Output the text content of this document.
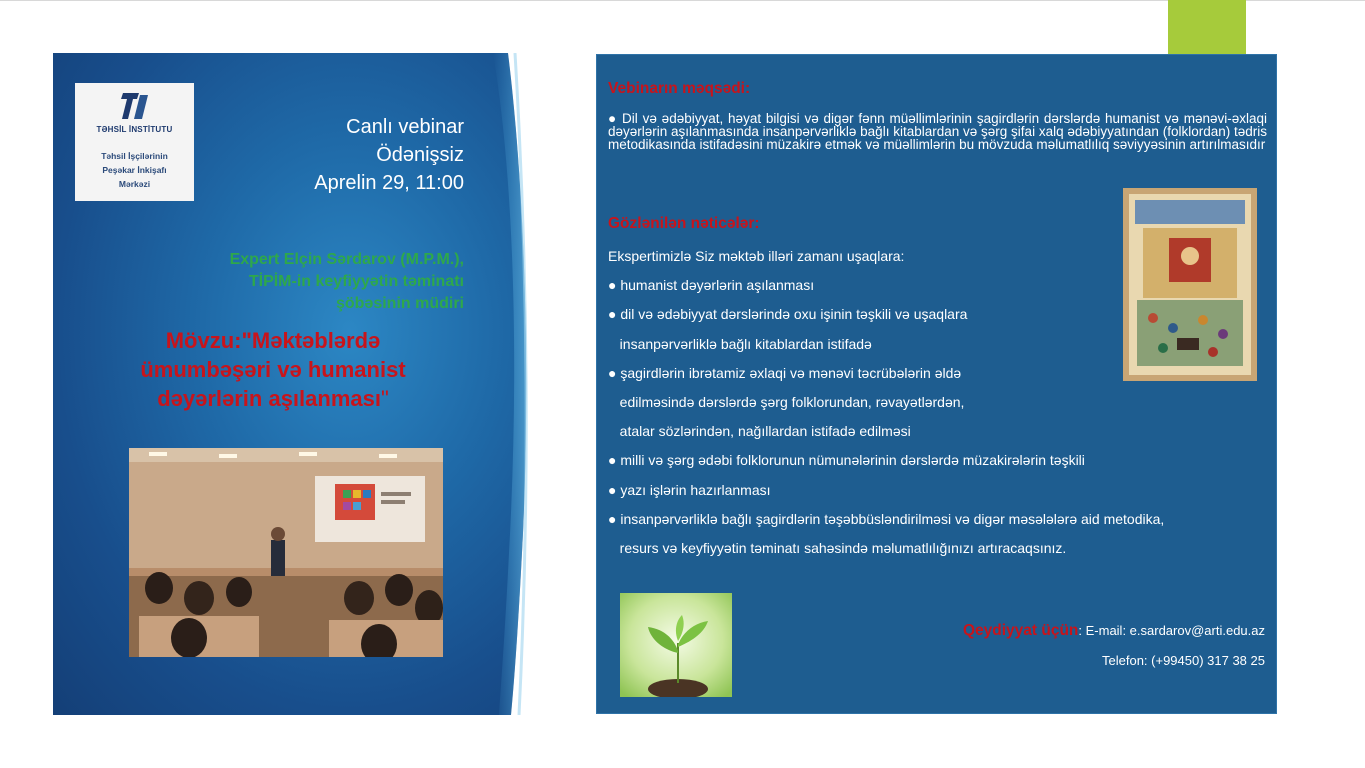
TƏHSİL İNSTİTUTU
Təhsil İşçilərinin
Peşəkar İnkişafı
Mərkəzi
Canlı vebinar
Ödənişsiz
Aprelin 29, 11:00
Expert Elçin Sərdarov (M.P.M.),
TİPİM-in keyfiyyətin təminatı
şöbəsinin müdiri
Mövzu:"Məktəblərdə
ümumbəşəri və humanist
dəyərlərin aşılanması"
Vebinarın məqsədi:
● Dil və ədəbiyyat, həyat bilgisi və digər fənn müəllimlərinin şagirdlərin dərslərdə humanist və mənəvi-əxlaqi dəyərlərin aşılanmasında insanpərvərliklə bağlı kitablardan və şərg şifai xalq ədəbiyyatından (folklordan) tədris metodikasında istifadəsini müzakirə etmək və müəllimlərin bu mövzuda məlumatlılıq səviyyəsinin artırılmasıdır
Gözlənilən nəticələr:
Ekspertimizlə Siz məktəb illəri zamanı uşaqlara:
● humanist dəyərlərin aşılanması
● dil və ədəbiyyat dərslərində oxu işinin təşkili və uşaqlara
insanpərvərliklə bağlı kitablardan istifadə
● şagirdlərin ibrətamiz əxlaqi və mənəvi təcrübələrin əldə
edilməsində dərslərdə şərg folklorundan, rəvayətlərdən,
atalar sözlərindən, nağıllardan istifadə edilməsi
● milli və şərg ədəbi folklorunun nümunələrinin dərslərdə müzakirələrin təşkili
● yazı işlərin hazırlanması
● insanpərvərliklə bağlı şagirdlərin təşəbbüsləndirilməsi və digər məsələlərə aid metodika,
resurs və keyfiyyətin təminatı sahəsində məlumatlılığınızı artıracaqsınız.
Qeydiyyat üçün: E-mail: e.sardarov@arti.edu.az
Telefon: (+99450) 317 38 25
